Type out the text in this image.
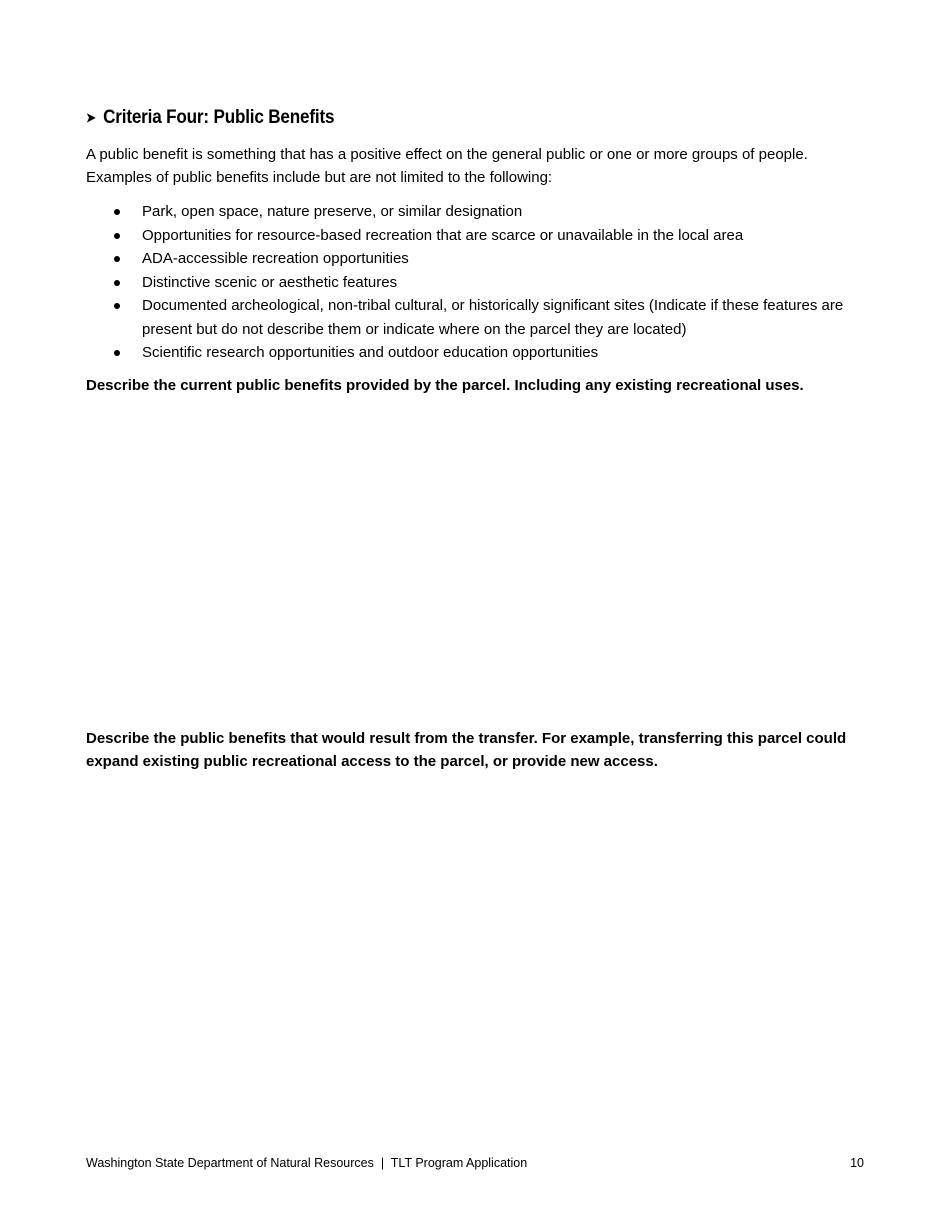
➤ Criteria Four: Public Benefits

A public benefit is something that has a positive effect on the general public or one or more groups of people. Examples of public benefits include but are not limited to the following:

Park, open space, nature preserve, or similar designation
Opportunities for resource-based recreation that are scarce or unavailable in the local area
ADA-accessible recreation opportunities
Distinctive scenic or aesthetic features
Documented archeological, non-tribal cultural, or historically significant sites (Indicate if these features are present but do not describe them or indicate where on the parcel they are located)
Scientific research opportunities and outdoor education opportunities

Describe the current public benefits provided by the parcel. Including any existing recreational uses.

Describe the public benefits that would result from the transfer. For example, transferring this parcel could expand existing public recreational access to the parcel, or provide new access.

Washington State Department of Natural Resources  |  TLT Program Application	10
